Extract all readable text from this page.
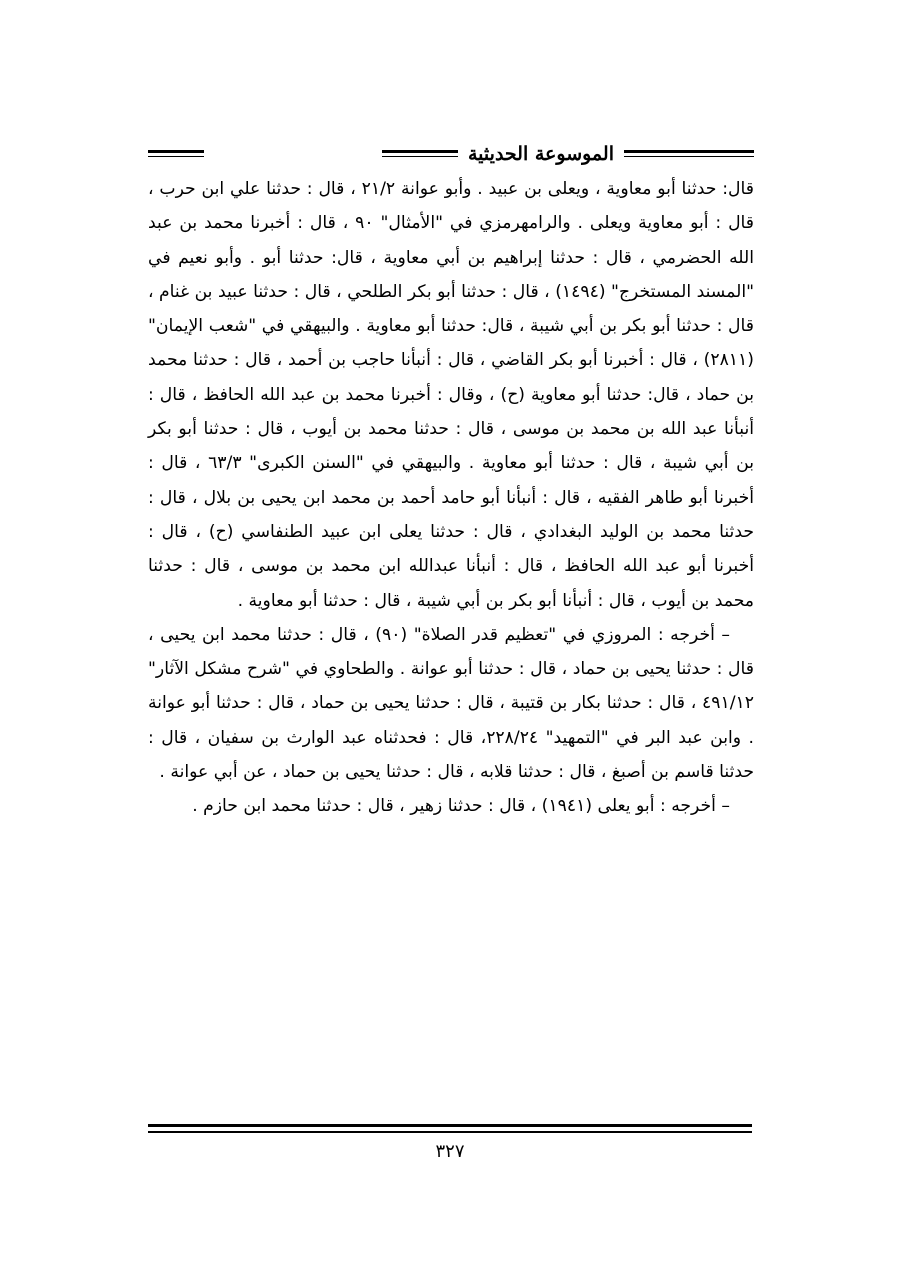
الموسوعة الحديثية

قال: حدثنا أبو معاوية ، ويعلى بن عبيد . وأبو عوانة ٢١/٢ ، قال : حدثنا علي ابن حرب ، قال : أبو معاوية ويعلى . والرامهرمزي في "الأمثال" ٩٠ ، قال : أخبرنا محمد بن عبد الله الحضرمي ، قال : حدثنا إبراهيم بن أبي معاوية ، قال: حدثنا أبو . وأبو نعيم في "المسند المستخرج" (١٤٩٤) ، قال : حدثنا أبو بكر الطلحي ، قال : حدثنا عبيد بن غنام ، قال : حدثنا أبو بكر بن أبي شيبة ، قال: حدثنا أبو معاوية . والبيهقي في "شعب الإيمان" (٢٨١١) ، قال : أخبرنا أبو بكر القاضي ، قال : أنبأنا حاجب بن أحمد ، قال : حدثنا محمد بن حماد ، قال: حدثنا أبو معاوية (ح) ، وقال : أخبرنا محمد بن عبد الله الحافظ ، قال : أنبأنا عبد الله بن محمد بن موسى ، قال : حدثنا محمد بن أيوب ، قال : حدثنا أبو بكر بن أبي شيبة ، قال : حدثنا أبو معاوية . والبيهقي في "السنن الكبرى" ٦٣/٣ ، قال : أخبرنا أبو طاهر الفقيه ، قال : أنبأنا أبو حامد أحمد بن محمد ابن يحيى بن بلال ، قال : حدثنا محمد بن الوليد البغدادي ، قال : حدثنا يعلى ابن عبيد الطنفاسي (ح) ، قال : أخبرنا أبو عبد الله الحافظ ، قال : أنبأنا عبدالله ابن محمد بن موسى ، قال : حدثنا محمد بن أيوب ، قال : أنبأنا أبو بكر بن أبي شيبة ، قال : حدثنا أبو معاوية .

– أخرجه : المروزي في "تعظيم قدر الصلاة" (٩٠) ، قال : حدثنا محمد ابن يحيى ، قال : حدثنا يحيى بن حماد ، قال : حدثنا أبو عوانة . والطحاوي في "شرح مشكل الآثار" ٤٩١/١٢ ، قال : حدثنا بكار بن قتيبة ، قال : حدثنا يحيى بن حماد ، قال : حدثنا أبو عوانة . وابن عبد البر في "التمهيد" ٢٢٨/٢٤، قال : فحدثناه عبد الوارث بن سفيان ، قال : حدثنا قاسم بن أصبغ ، قال : حدثنا قلابه ، قال : حدثنا يحيى بن حماد ، عن أبي عوانة .

– أخرجه : أبو يعلى (١٩٤١) ، قال : حدثنا زهير ، قال : حدثنا محمد ابن حازم .

٣٢٧
